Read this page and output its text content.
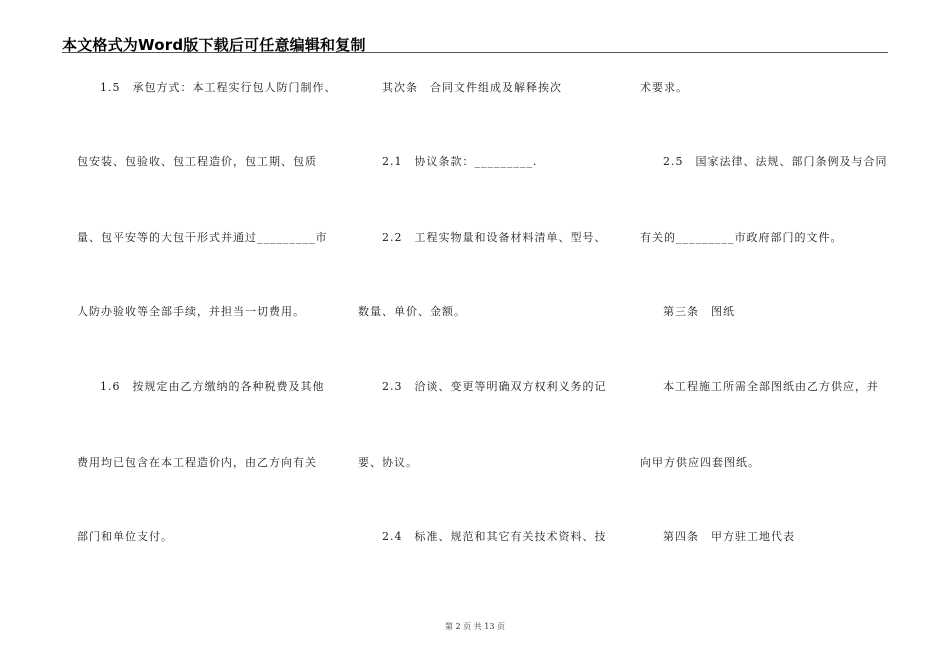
本文格式为Word版下载后可任意编辑和复制
1.5　承包方式：本工程实行包人防门制作、
包安装、包验收、包工程造价，包工期、包质
量、包平安等的大包干形式并通过_________市
人防办验收等全部手续，并担当一切费用。
1.6　按规定由乙方缴纳的各种税费及其他
费用均已包含在本工程造价内，由乙方向有关
部门和单位支付。
其次条　合同文件组成及解释挨次
2.1　协议条款：_________.
2.2　工程实物量和设备材料清单、型号、
数量、单价、金额。
2.3　洽谈、变更等明确双方权利义务的记
要、协议。
2.4　标准、规范和其它有关技术资料、技
术要求。
2.5　国家法律、法规、部门条例及与合同
有关的_________市政府部门的文件。
第三条　图纸
本工程施工所需全部图纸由乙方供应，并
向甲方供应四套图纸。
第四条　甲方驻工地代表
第 2 页 共 13 页
